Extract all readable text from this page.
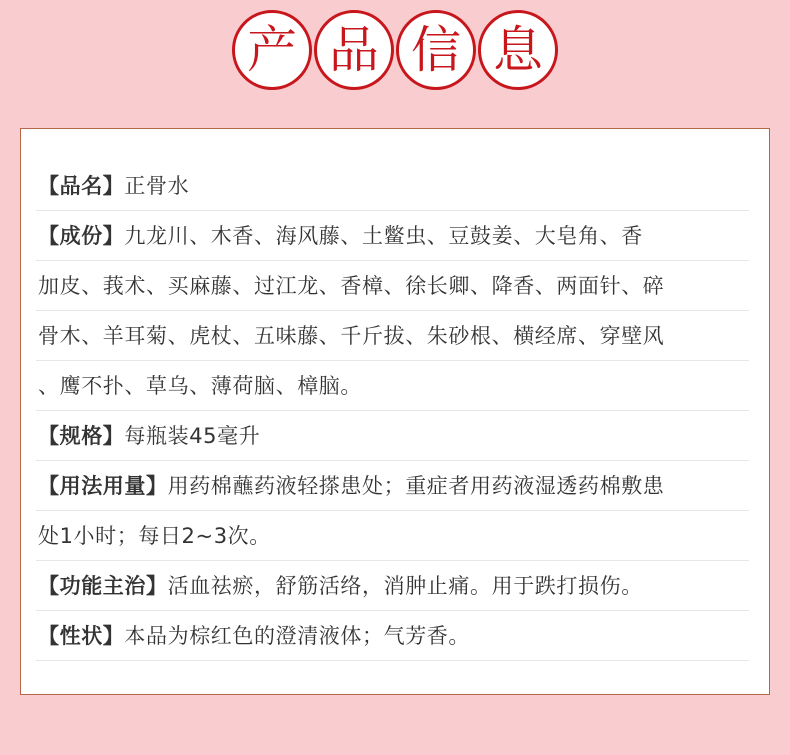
产 品 信 息
【品名】正骨水
【成份】九龙川、木香、海风藤、土鳖虫、豆鼓姜、大皂角、香
加皮、莪术、买麻藤、过江龙、香樟、徐长卿、降香、两面针、碎
骨木、羊耳菊、虎杖、五味藤、千斤拔、朱砂根、横经席、穿壁风
、鹰不扑、草乌、薄荷脑、樟脑。
【规格】每瓶装45毫升
【用法用量】用药棉蘸药液轻搽患处；重症者用药液湿透药棉敷患
处1小时；每日2~3次。
【功能主治】活血祛瘀，舒筋活络，消肿止痛。用于跌打损伤。
【性状】本品为棕红色的澄清液体；气芳香。
